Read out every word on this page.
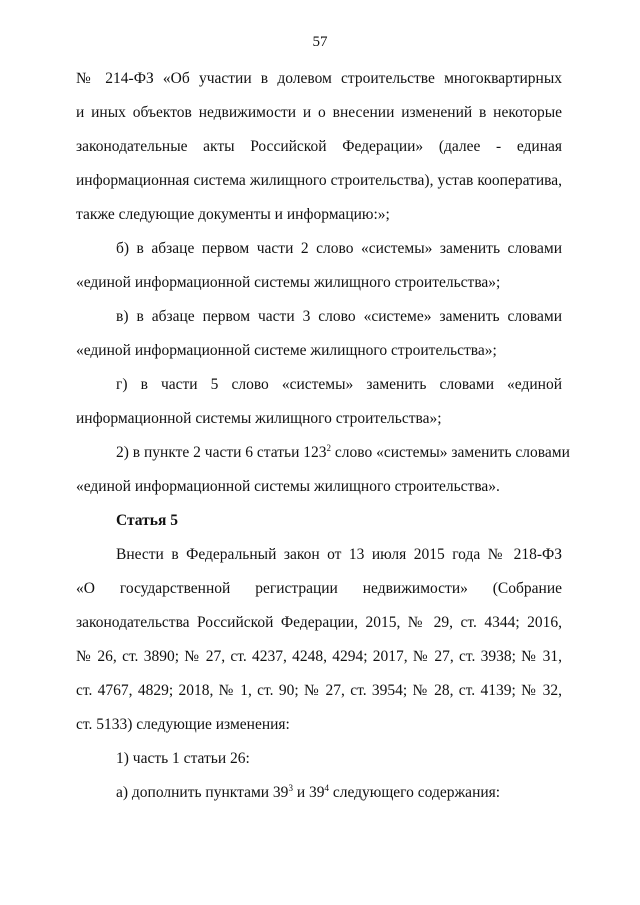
57
№ 214-ФЗ «Об участии в долевом строительстве многоквартирных
и иных объектов недвижимости и о внесении изменений в некоторые
законодательные акты Российской Федерации» (далее - единая
информационная система жилищного строительства), устав кооператива,
также следующие документы и информацию:»;
б) в абзаце первом части 2 слово «системы» заменить словами
«единой информационной системы жилищного строительства»;
в) в абзаце первом части 3 слово «системе» заменить словами
«единой информационной системе жилищного строительства»;
г) в части 5 слово «системы» заменить словами «единой
информационной системы жилищного строительства»;
2) в пункте 2 части 6 статьи $123^2$ слово «системы» заменить словами
«единой информационной системы жилищного строительства».
Статья 5
Внести в Федеральный закон от 13 июля 2015 года № 218-ФЗ
«О государственной регистрации недвижимости» (Собрание
законодательства Российской Федерации, 2015, № 29, ст. 4344; 2016,
№ 26, ст. 3890; № 27, ст. 4237, 4248, 4294; 2017, № 27, ст. 3938; № 31,
ст. 4767, 4829; 2018, № 1, ст. 90; № 27, ст. 3954; № 28, ст. 4139; № 32,
ст. 5133) следующие изменения:
1) часть 1 статьи 26:
а) дополнить пунктами $39^3$ и $39^4$ следующего содержания:
